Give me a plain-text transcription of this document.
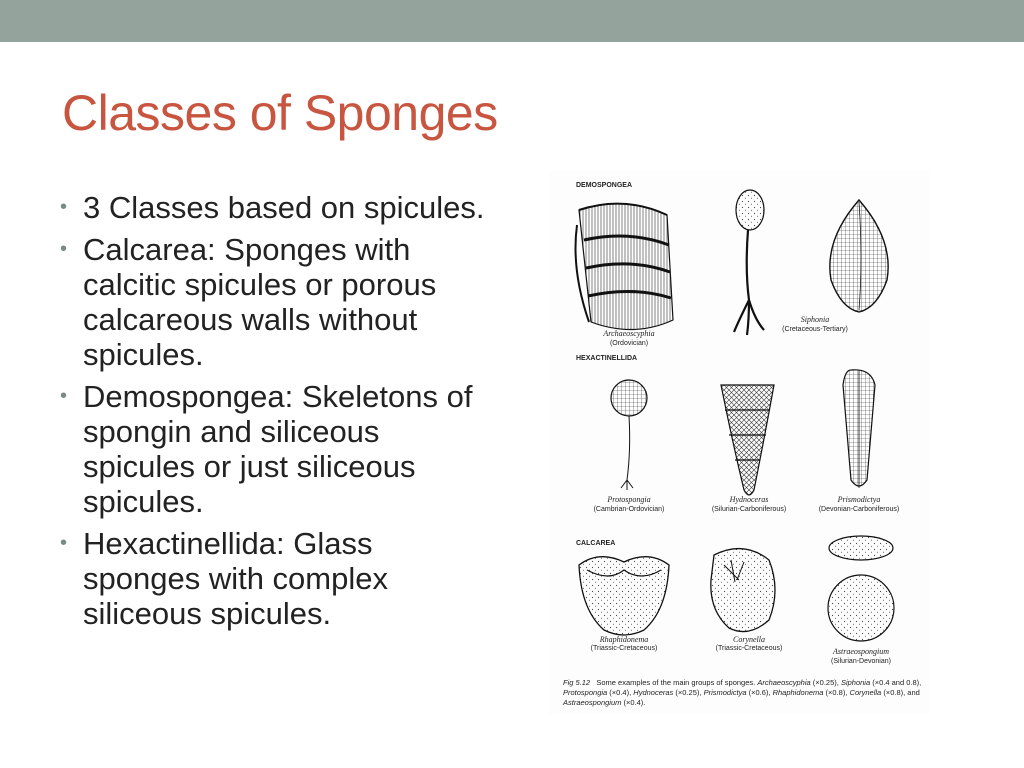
Classes of Sponges
• 3 Classes based on spicules.
• Calcarea: Sponges with calcitic spicules or porous calcareous walls without spicules.
• Demospongea: Skeletons of spongin and siliceous spicules or just siliceous spicules.
• Hexactinellida: Glass sponges with complex siliceous spicules.
DEMOSPONGEA
HEXACTINELLIDA
CALCAREA
Archaeoscyphia
(Ordovician)
Siphonia
(Cretaceous-Tertiary)
Protospongia
(Cambrian-Ordovician)
Hydnoceras
(Silurian-Carboniferous)
Prismodictya
(Devonian-Carboniferous)
Rhaphidonema
(Triassic-Cretaceous)
Corynella
(Triassic-Cretaceous)	Astraeospongium
(Silurian-Devonian)
Fig 5.12 Some examples of the main groups of sponges. Archaeoscyphia (×0.25), Siphonia (×0.4 and 0.8), Protospongia (×0.4), Hydnoceras (×0.25), Prismodictya (×0.6), Rhaphidonema (×0.8), Corynella (×0.8), and Astraeospongium (×0.4).
